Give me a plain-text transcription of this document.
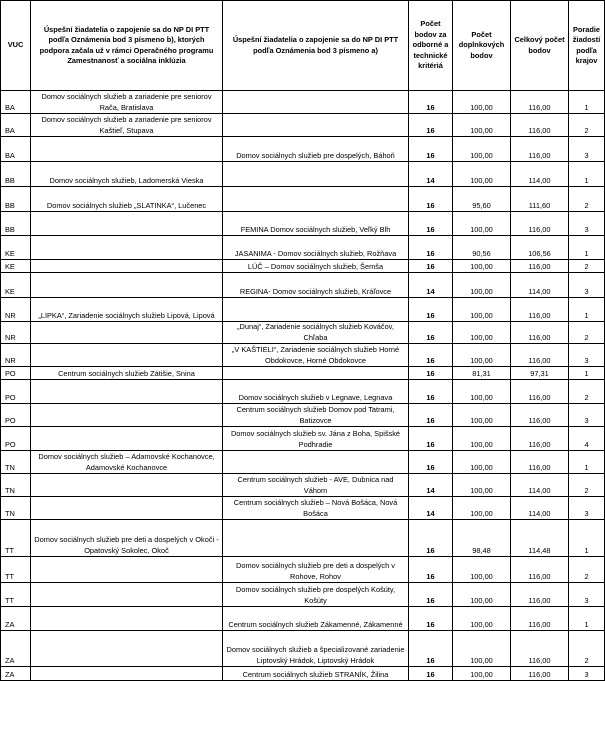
VUC	Úspešní žiadatelia o zapojenie sa do NP DI PTT podľa Oznámenia bod 3 písmeno b), ktorých podpora začala už v rámci Operačného programu Zamestnanosť a sociálna inklúzia	Úspešní žiadatelia o zapojenie sa do NP DI PTT podľa Oznámenia bod 3 písmeno a)	Počet bodov za odborné a technické kritériá	Počet doplnkových bodov	Celkový počet bodov	Poradie žiadostí podľa krajov
BA	Domov sociálnych služieb a zariadenie pre seniorov Rača, Bratislava		16	100,00	116,00	1
BA	Domov sociálnych služieb a zariadenie pre seniorov Kaštieľ, Stupava		16	100,00	116,00	2
BA		Domov sociálnych služieb pre dospelých, Báhoň	16	100,00	116,00	3
BB	Domov sociálnych služieb, Ladomerská Vieska		14	100,00	114,00	1
BB	Domov sociálnych služieb „SLATINKA“, Lučenec		16	95,60	111,60	2
BB		FEMINA Domov sociálnych služieb, Veľký Blh	16	100,00	116,00	3
KE		JASANIMA - Domov sociálnych služieb, Rožňava	16	90,56	106,56	1
KE		LÚČ – Domov sociálnych služieb, Šemša	16	100,00	116,00	2
KE		REGINA- Domov sociálnych služieb, Kráľovce	14	100,00	114,00	3
NR	„LIPKA“, Zariadenie sociálnych služieb Lipová, Lipová		16	100,00	116,00	1
NR		„Dunaj“, Zariadenie sociálnych služieb Kováčov, Chľaba	16	100,00	116,00	2
NR		„V KAŠTIELI“, Zariadenie sociálnych služieb Horné Obdokovce, Horné Obdokovce	16	100,00	116,00	3
PO	Centrum sociálnych služieb Zátišie, Snina		16	81,31	97,31	1
PO		Domov sociálnych služieb v Legnave, Legnava	16	100,00	116,00	2
PO		Centrum sociálnych služieb Domov pod Tatrami, Batizovce	16	100,00	116,00	3
PO		Domov sociálnych služieb sv. Jána z Boha, Spišské Podhradie	16	100,00	116,00	4
TN	Domov sociálnych služieb – Adamovské Kochanovce, Adamovské Kochanovce		16	100,00	116,00	1
TN		Centrum sociálnych služieb - AVE, Dubnica nad Váhom	14	100,00	114,00	2
TN		Centrum sociálnych služieb – Nová Bošáca, Nová Bošáca	14	100,00	114,00	3
TT	Domov sociálnych služieb pre deti a dospelých v Okoči - Opatovský Sokolec, Okoč		16	98,48	114,48	1
TT		Domov sociálnych služieb pre deti a dospelých v Rohove, Rohov	16	100,00	116,00	2
TT		Domov sociálnych služieb pre dospelých Košúty, Košúty	16	100,00	116,00	3
ZA		Centrum sociálnych služieb Zákamenné, Zákamenné	16	100,00	116,00	1
ZA		Domov sociálnych služieb a špecializované zariadenie Liptovský Hrádok, Liptovský Hrádok	16	100,00	116,00	2
ZA		Centrum sociálnych služieb STRANÍK, Žilina	16	100,00	116,00	3
